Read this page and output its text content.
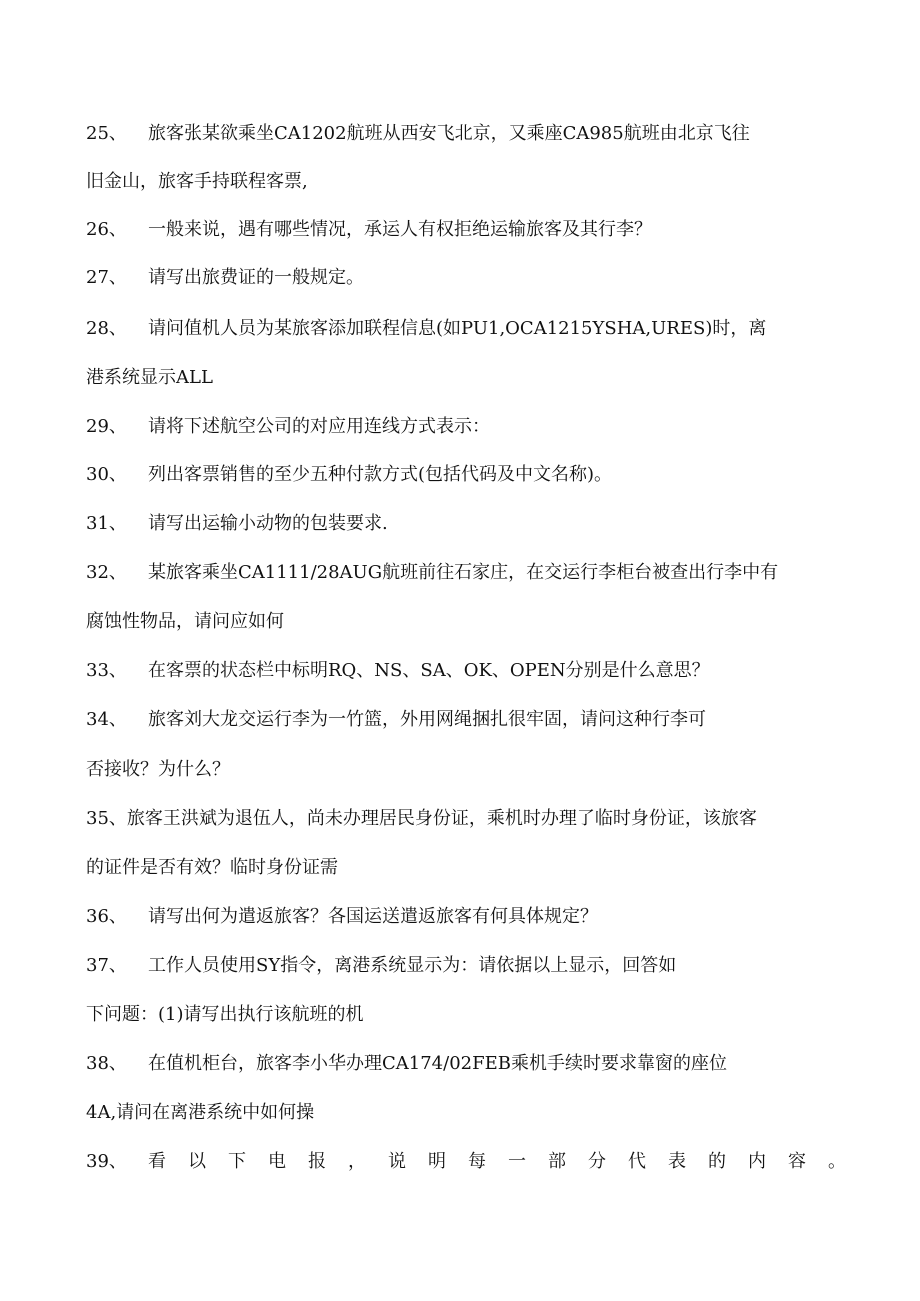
25、 旅客张某欲乘坐CA1202航班从西安飞北京，又乘座CA985航班由北京飞往
旧金山，旅客手持联程客票,
26、 一般来说，遇有哪些情况，承运人有权拒绝运输旅客及其行李？
27、 请写出旅费证的一般规定。
28、 请问值机人员为某旅客添加联程信息(如PU1,OCA1215YSHA,URES)时，离
港系统显示ALL
29、 请将下述航空公司的对应用连线方式表示：
30、 列出客票销售的至少五种付款方式(包括代码及中文名称)。
31、 请写出运输小动物的包装要求.
32、 某旅客乘坐CA1111/28AUG航班前往石家庄，在交运行李柜台被查出行李中有
腐蚀性物品，请问应如何
33、 在客票的状态栏中标明RQ、NS、SA、OK、OPEN分别是什么意思？
34、 旅客刘大龙交运行李为一竹篮，外用网绳捆扎很牢固，请问这种行李可
否接收？为什么？
35、旅客王洪斌为退伍人，尚未办理居民身份证，乘机时办理了临时身份证，该旅客
的证件是否有效？临时身份证需
36、 请写出何为遣返旅客？各国运送遣返旅客有何具体规定？
37、 工作人员使用SY指令，离港系统显示为：请依据以上显示，回答如
下问题：(1)请写出执行该航班的机
38、 在值机柜台，旅客李小华办理CA174/02FEB乘机手续时要求靠窗的座位
4A,请问在离港系统中如何操
39、 看以下电报，说明每一部分代表的内容。
